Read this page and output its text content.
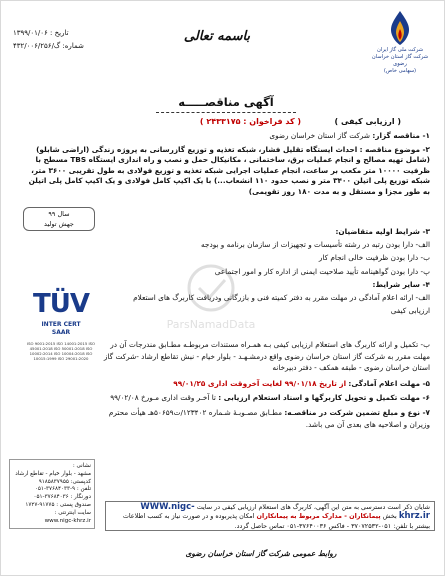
تاریخ : ۱۳۹۹/۰۱/۰۶
شماره: گ/۴۳۲/۰۰۶/۲۵۶
باسمه تعالی
شرکت ملی گاز ایران
شرکت گاز استان خراسان رضوی
(سهامی خاص)
آگهی مناقصـــــه
( ارزیابی کیفی )            ( کد فراخوان : ۲۴۳۳۱۷۵ )
۱- مناقصه گزار: شرکت گاز استان خراسان رضوی
۲- موضوع مناقصه : احداث ایستگاه تقلیل فشار، شبکه تغذیه و توزیع گازرسانی به پروژه زندگی (اراضی شابلو) (شامل تهیه مصالح و انجام عملیات برق، ساختمانی ، مکانیکال حمل و نصب و راه اندازی ایستگاه TBS مسطح با ظرفیت ۱۰۰۰۰ متر مکعب بر ساعت، انجام عملیات اجرایی شبکه تغذیه و توزیع فولادی به طول تقریبی ۳۶۰۰ متر، شبکه توزیع پلی اتیلن ۳۴۰۰ متر و نصب حدود ۱۱۰ انشعاب...) با یک اکیپ کامل فولادی و یک اکیپ کامل پلی اتیلن به طور مجزا و مستقل و به مدت ۱۸۰ روز تقویمی)
سال ۹۹
جهش تولید
۳- شرایط اولیه متقاضیان:
الف- دارا بودن رتبه در رشته تأسیسات و تجهیزات از سازمان برنامه و بودجه
ب- دارا بودن ظرفیت خالی انجام کار
پ- دارا بودن گواهینامه تأیید صلاحیت ایمنی از اداره کار و امور اجتماعی
۴- سایر شرایط:
الف- ارائه اعلام آمادگی در مهلت مقرر به دفتر کمیته فنی و بازرگانی ودریافت کاربرگ های استعلام ارزیابی کیفی
ParsNamadData
TÜV
INTER CERT
SAAR
ISO 9001:2015 ISO 14001:2015 ISO 45001:2018 ISO 50001:2018 ISO 10002:2014 ISO 10004:2018 ISO 10015:1999 ISO 29001:2020
ب- تکمیل و ارائه کاربرگ های استعلام ارزیابی کیفی بـه همـراه مستندات مربوطـه مطـابق مندرجات آن در مهلت مقرر به شرکت گاز استان خراسان رضوی واقع درمشـهـد - بلوار خیام - نبش تقاطع ارشاد -شرکت گاز استان خراسان رضوی - طبقه همکف - دفتر دبیرخانه
۵- مهلت اعلام آمادگی: از تاریخ ۹۹/۰۱/۱۸ لغایت آخروقت اداری ۹۹/۰۱/۲۵
۶- مهلت تکمیل و تحویل کاربرگها و اسناد استعلام ارزیابی : تا آخـر وقت اداری مـورخ ۹۹/۰۲/۰۸
۷- نوع و مبلغ تضمین شرکت در مناقصـه: مطـابق مصـوبـۀ شـماره ۱۲۳۴۰۲/ت۵۰۶۵۹هـ هیأت محترم وزیران و اصلاحیه های بعدی آن می باشد.
نشانی :
مشهد - بلوار خیام - تقاطع ارشاد
کدپستی: ۹۱۸۵۸۳۷۹۵۵
تلفن : ۹-۳۷۶۸۴۰۳۳-۰۵۱
دورنگار : ۳۷۶۸۴۰۳۶-۰۵۱
صندوق پستی : ۹۱۷۷۵-۱۷۲۷
سایت اینترنتی :
www.nigc-khrz.ir
شایان ذکر است دسترسی به متن این آگهی، کاربرگ های استعلام ارزیابی کیفی در سایت WWW.nigc-khrz.ir بخش پیمانکاران - مدارک مربوط به پیمانکاران امکان پذیربوده و در صورت نیاز به کسب اطلاعات بیشتر با تلفن: ۰۵۱-۳۷۰۷۲۵۳۲ - فاکس ۳۷۶۴۰۰۳۶-۰۵۱ تماس حاصل گردد.
روابط عمومی شرکت گاز استان خراسان رضوی
